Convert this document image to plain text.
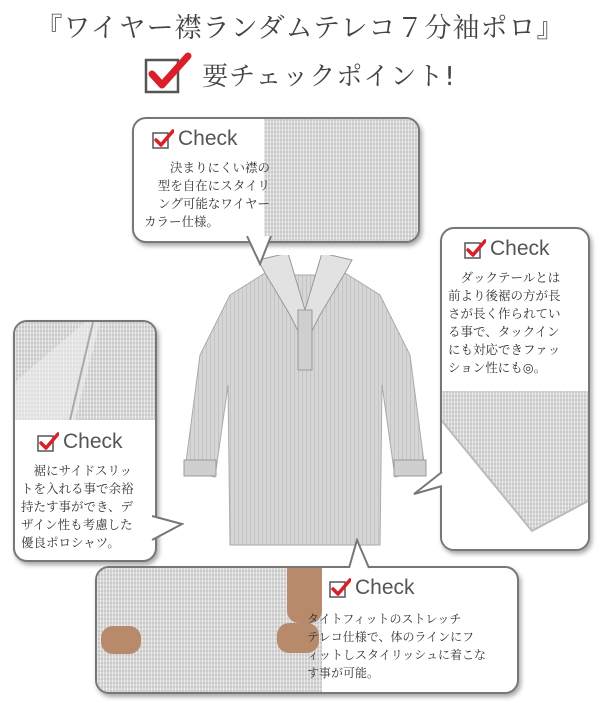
『ワイヤー襟ランダムテレコ７分袖ポロ』
要チェックポイント!
Check
　決まりにくい襟の
型を自在にスタイリ
ング可能なワイヤー
カラー仕様。
Check
　ダックテールとは
前より後裾の方が長
さが長く作られてい
る事で、タックイン
にも対応できファッ
ション性にも◎。
Check
　裾にサイドスリッ
トを入れる事で余裕
持たす事ができ、デ
ザイン性も考慮した
優良ポロシャツ。
Check
タイトフィットのストレッチ
テレコ仕様で、体のラインにフ
ィットしスタイリッシュに着こな
す事が可能。
